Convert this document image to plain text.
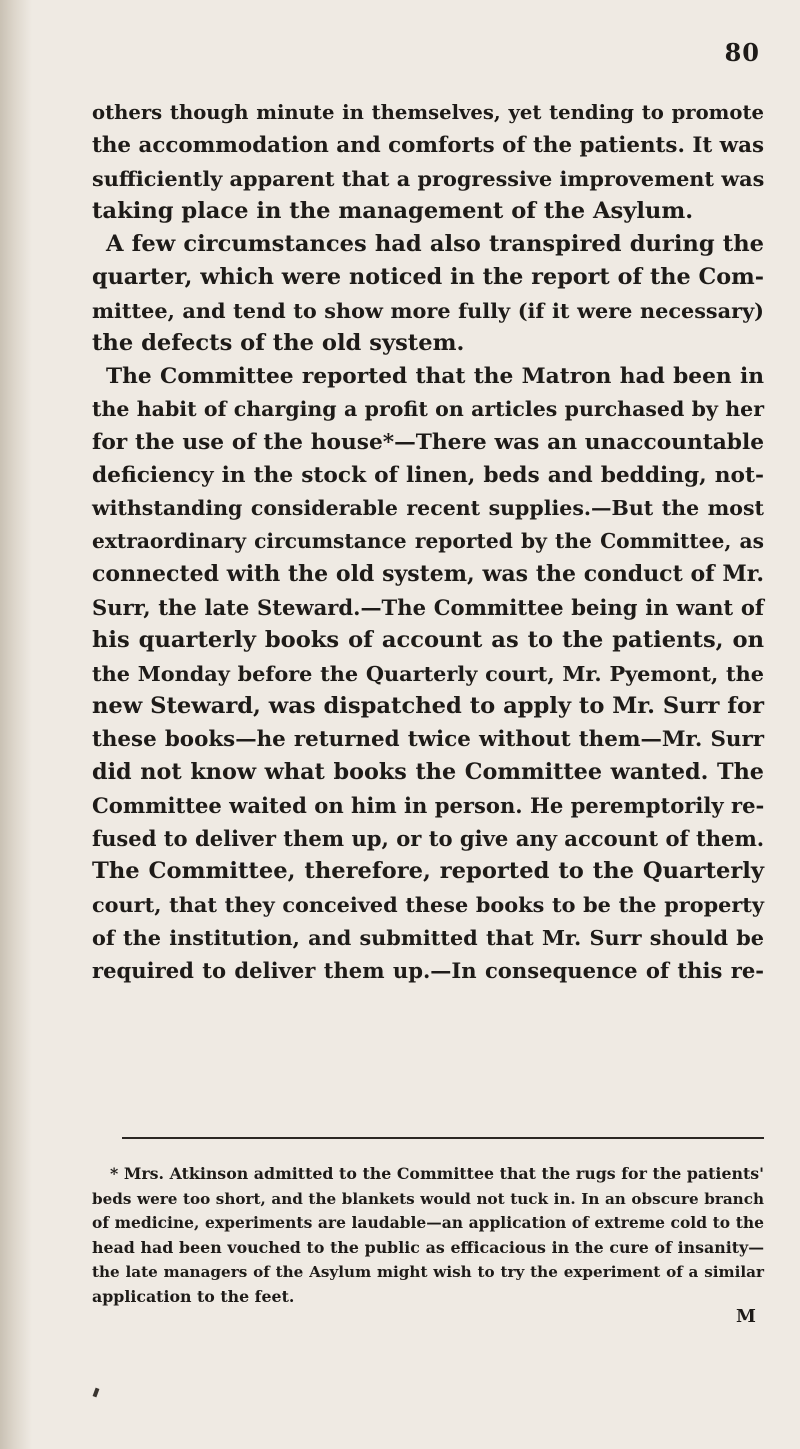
80
others though minute in themselves, yet tending to promote
the accommodation and comforts of the patients. It was
sufficiently apparent that a progressive improvement was
taking place in the management of the Asylum.
A few circumstances had also transpired during the
quarter, which were noticed in the report of the Com-
mittee, and tend to show more fully (if it were necessary)
the defects of the old system.
The Committee reported that the Matron had been in
the habit of charging a profit on articles purchased by her
for the use of the house*—There was an unaccountable
deficiency in the stock of linen, beds and bedding, not-
withstanding considerable recent supplies.—But the most
extraordinary circumstance reported by the Committee, as
connected with the old system, was the conduct of Mr.
Surr, the late Steward.—The Committee being in want of
his quarterly books of account as to the patients, on
the Monday before the Quarterly court, Mr. Pyemont, the
new Steward, was dispatched to apply to Mr. Surr for
these books—he returned twice without them—Mr. Surr
did not know what books the Committee wanted. The
Committee waited on him in person. He peremptorily re-
fused to deliver them up, or to give any account of them.
The Committee, therefore, reported to the Quarterly
court, that they conceived these books to be the property
of the institution, and submitted that Mr. Surr should be
required to deliver them up.—In consequence of this re-
* Mrs. Atkinson admitted to the Committee that the rugs for the patients'
beds were too short, and the blankets would not tuck in. In an obscure branch
of medicine, experiments are laudable—an application of extreme cold to the
head had been vouched to the public as efficacious in the cure of insanity—
the late managers of the Asylum might wish to try the experiment of a similar
application to the feet.
M
